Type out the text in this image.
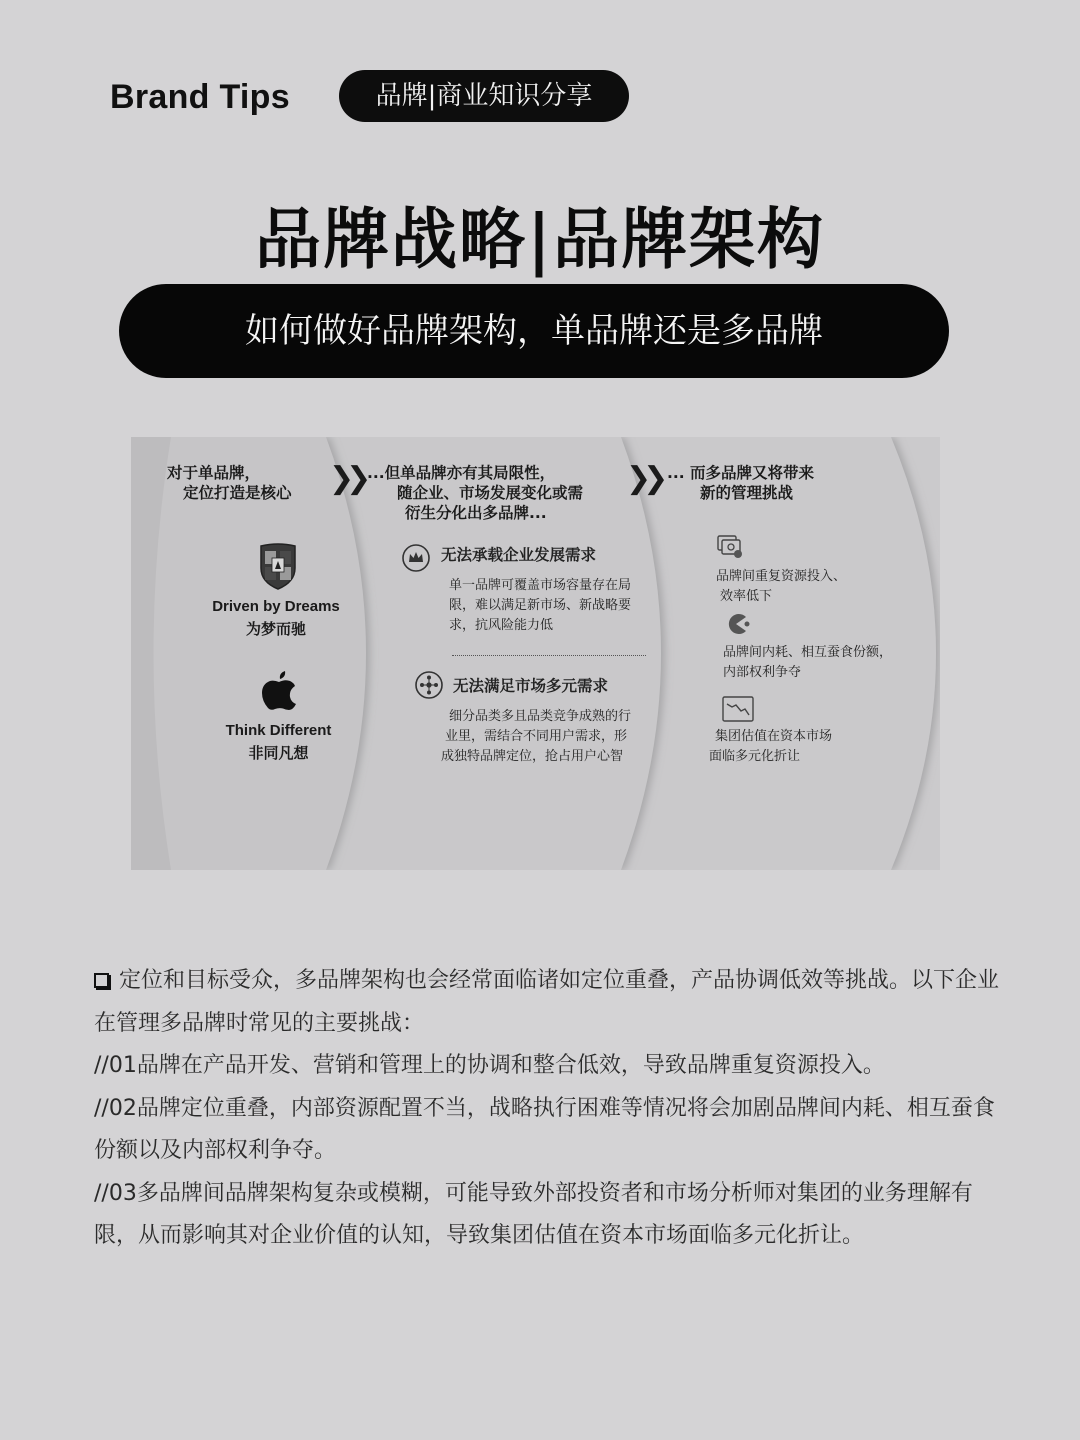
Brand Tips	品牌|商业知识分享
品牌战略|品牌架构
如何做好品牌架构，单品牌还是多品牌
对于单品牌，
定位打造是核心
Driven by Dreams
为梦而驰
Think Different
非同凡想
❯❯	❯❯
...但单品牌亦有其局限性，
随企业、市场发展变化或需
衍生分化出多品牌...
无法承载企业发展需求
单一品牌可覆盖市场容量存在局
限，难以满足新市场、新战略要
求，抗风险能力低
无法满足市场多元需求
细分品类多且品类竞争成熟的行
业里，需结合不同用户需求，形
成独特品牌定位，抢占用户心智
... 而多品牌又将带来
新的管理挑战
品牌间重复资源投入、
效率低下
品牌间内耗、相互蚕食份额，
内部权利争夺
集团估值在资本市场
面临多元化折让

定位和目标受众，多品牌架构也会经常面临诸如定位重叠，产品协调低效等挑战。以下企业在管理多品牌时常见的主要挑战：

//01品牌在产品开发、营销和管理上的协调和整合低效，导致品牌重复资源投入。

//02品牌定位重叠，内部资源配置不当，战略执行困难等情况将会加剧品牌间内耗、相互蚕食份额以及内部权利争夺。

//03多品牌间品牌架构复杂或模糊，可能导致外部投资者和市场分析师对集团的业务理解有限，从而影响其对企业价值的认知，导致集团估值在资本市场面临多元化折让。
